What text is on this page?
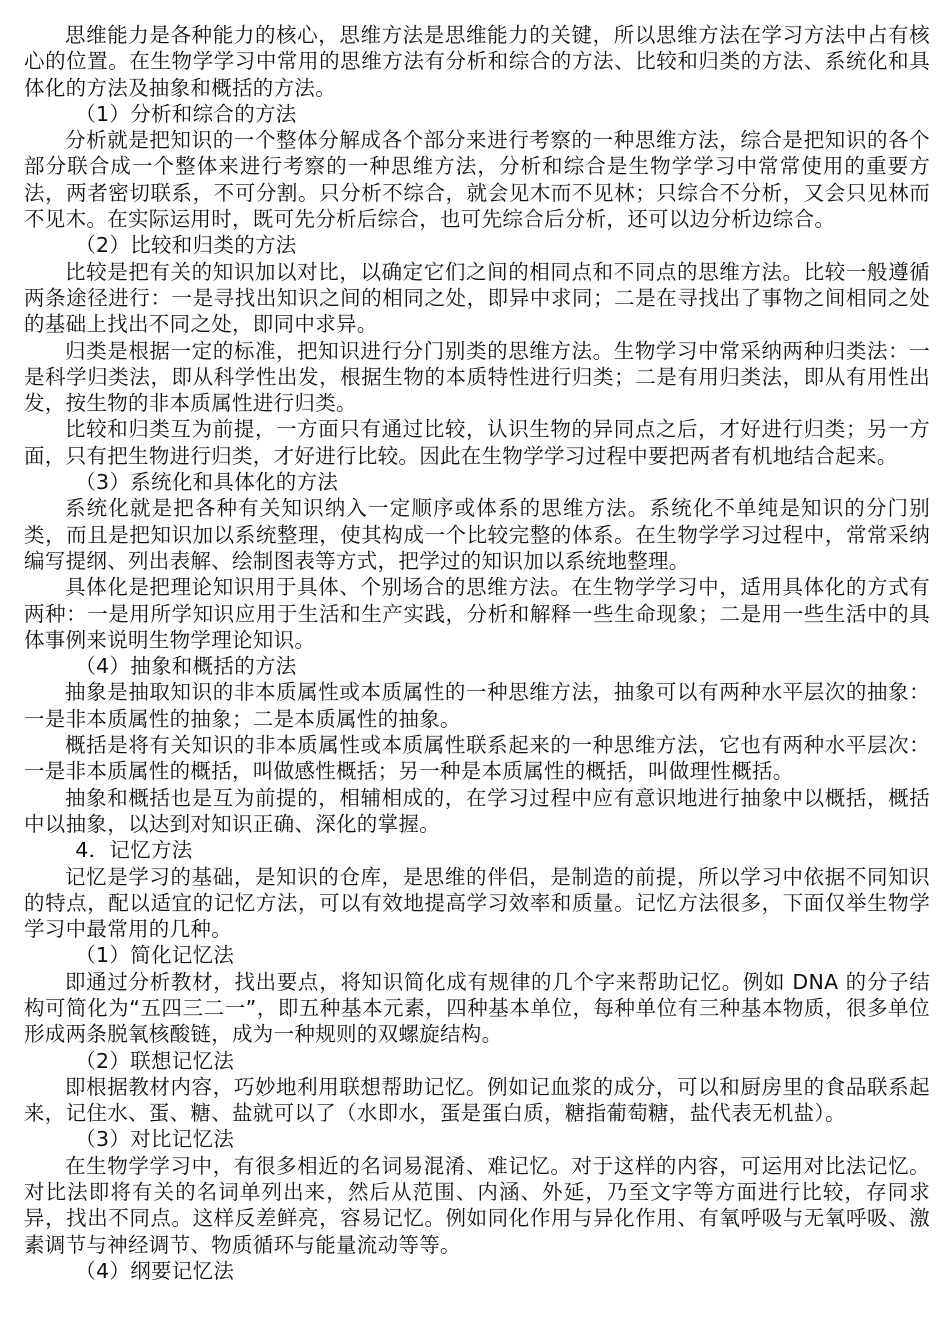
思维能力是各种能力的核心，思维方法是思维能力的关键，所以思维方法在学习方法中占有核心的位置。在生物学学习中常用的思维方法有分析和综合的方法、比较和归类的方法、系统化和具体化的方法及抽象和概括的方法。

（1）分析和综合的方法

分析就是把知识的一个整体分解成各个部分来进行考察的一种思维方法，综合是把知识的各个部分联合成一个整体来进行考察的一种思维方法，分析和综合是生物学学习中常常使用的重要方法，两者密切联系，不可分割。只分析不综合，就会见木而不见林；只综合不分析，又会只见林而不见木。在实际运用时，既可先分析后综合，也可先综合后分析，还可以边分析边综合。

（2）比较和归类的方法

比较是把有关的知识加以对比，以确定它们之间的相同点和不同点的思维方法。比较一般遵循两条途径进行：一是寻找出知识之间的相同之处，即异中求同；二是在寻找出了事物之间相同之处的基础上找出不同之处，即同中求异。

归类是根据一定的标准，把知识进行分门别类的思维方法。生物学习中常采纳两种归类法：一是科学归类法，即从科学性出发，根据生物的本质特性进行归类；二是有用归类法，即从有用性出发，按生物的非本质属性进行归类。

比较和归类互为前提，一方面只有通过比较，认识生物的异同点之后，才好进行归类；另一方面，只有把生物进行归类，才好进行比较。因此在生物学学习过程中要把两者有机地结合起来。

（3）系统化和具体化的方法

系统化就是把各种有关知识纳入一定顺序或体系的思维方法。系统化不单纯是知识的分门别类，而且是把知识加以系统整理，使其构成一个比较完整的体系。在生物学学习过程中，常常采纳编写提纲、列出表解、绘制图表等方式，把学过的知识加以系统地整理。

具体化是把理论知识用于具体、个别场合的思维方法。在生物学学习中，适用具体化的方式有两种：一是用所学知识应用于生活和生产实践，分析和解释一些生命现象；二是用一些生活中的具体事例来说明生物学理论知识。

（4）抽象和概括的方法

抽象是抽取知识的非本质属性或本质属性的一种思维方法，抽象可以有两种水平层次的抽象：一是非本质属性的抽象；二是本质属性的抽象。

概括是将有关知识的非本质属性或本质属性联系起来的一种思维方法，它也有两种水平层次：一是非本质属性的概括，叫做感性概括；另一种是本质属性的概括，叫做理性概括。

抽象和概括也是互为前提的，相辅相成的，在学习过程中应有意识地进行抽象中以概括，概括中以抽象，以达到对知识正确、深化的掌握。

4．记忆方法

记忆是学习的基础，是知识的仓库，是思维的伴侣，是制造的前提，所以学习中依据不同知识的特点，配以适宜的记忆方法，可以有效地提高学习效率和质量。记忆方法很多，下面仅举生物学学习中最常用的几种。

（1）简化记忆法

即通过分析教材，找出要点，将知识简化成有规律的几个字来帮助记忆。例如 DNA 的分子结构可简化为“五四三二一”，即五种基本元素，四种基本单位，每种单位有三种基本物质，很多单位形成两条脱氧核酸链，成为一种规则的双螺旋结构。

（2）联想记忆法

即根据教材内容，巧妙地利用联想帮助记忆。例如记血浆的成分，可以和厨房里的食品联系起来，记住水、蛋、糖、盐就可以了（水即水，蛋是蛋白质，糖指葡萄糖，盐代表无机盐）。

（3）对比记忆法

在生物学学习中，有很多相近的名词易混淆、难记忆。对于这样的内容，可运用对比法记忆。对比法即将有关的名词单列出来，然后从范围、内涵、外延，乃至文字等方面进行比较，存同求异，找出不同点。这样反差鲜亮，容易记忆。例如同化作用与异化作用、有氧呼吸与无氧呼吸、激素调节与神经调节、物质循环与能量流动等等。

（4）纲要记忆法
